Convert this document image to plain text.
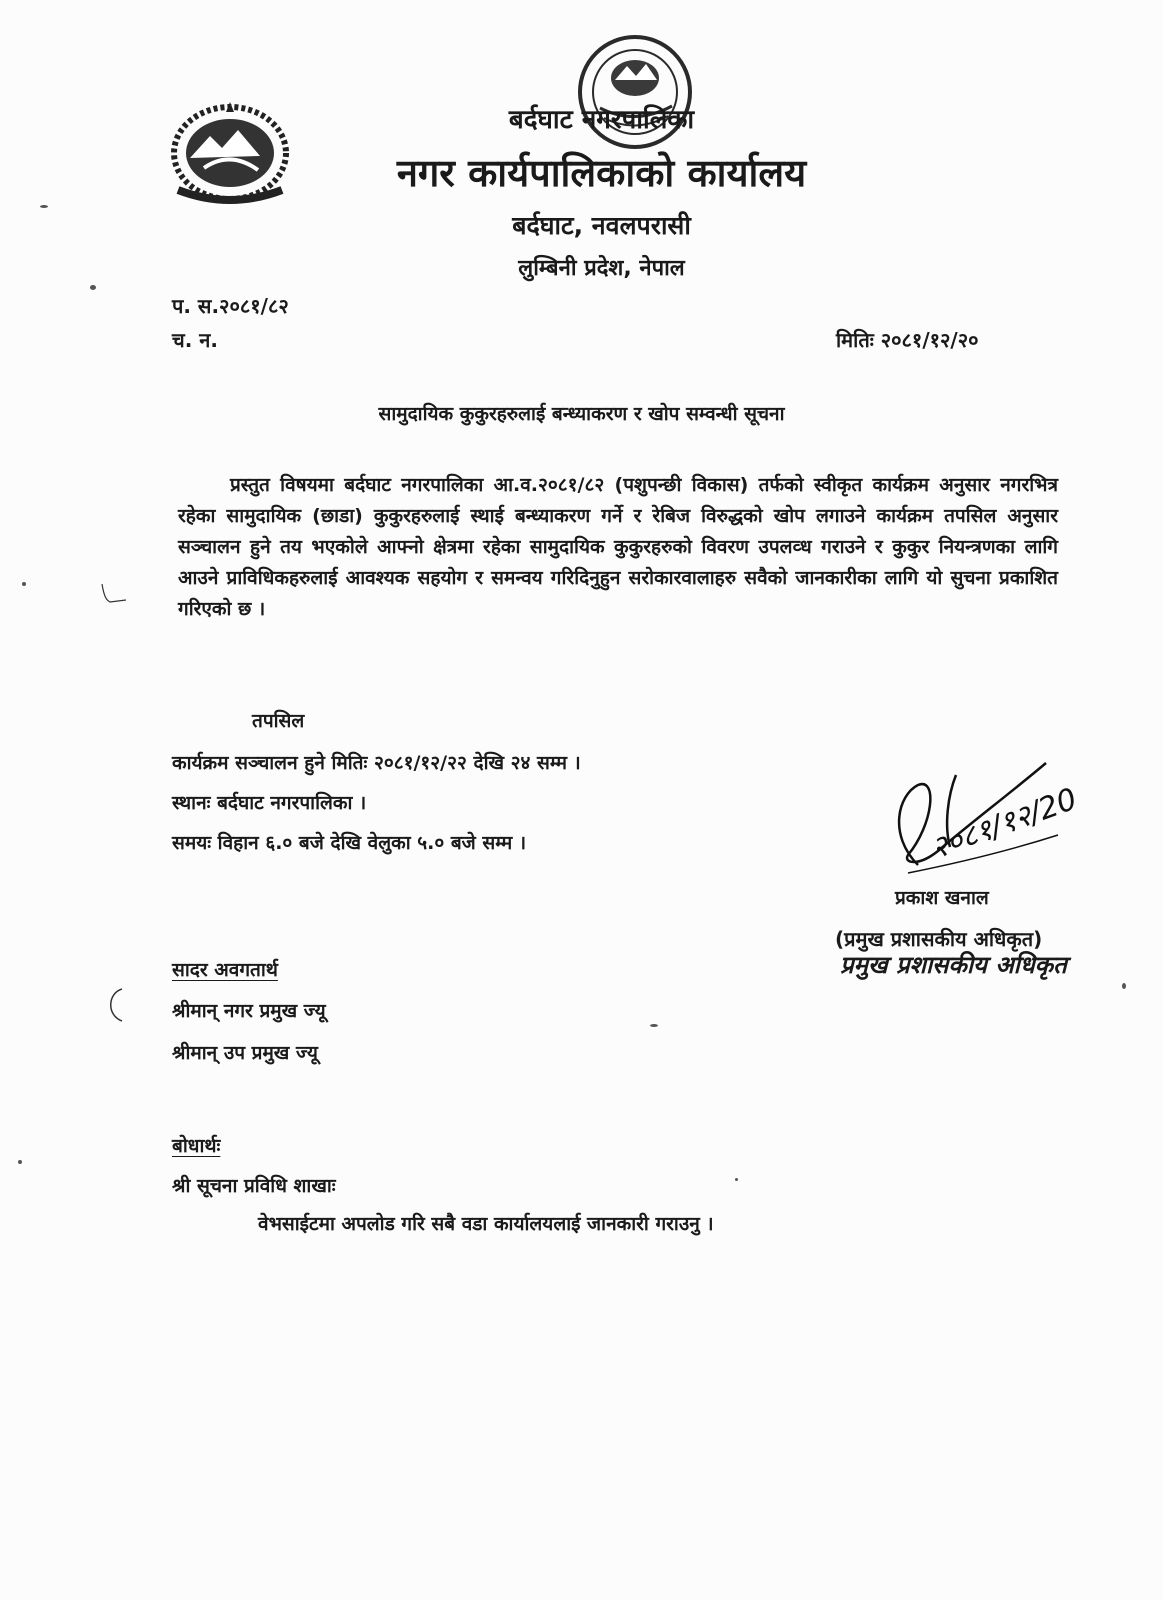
बर्दघाट नगरपालिका
नगर कार्यपालिकाको कार्यालय
बर्दघाट, नवलपरासी
लुम्बिनी प्रदेश, नेपाल
प. स.२०८१/८२
च. न.	मितिः २०८१/१२/२०
सामुदायिक कुकुरहरुलाई बन्ध्याकरण र खोप सम्वन्धी सूचना
प्रस्तुत विषयमा बर्दघाट नगरपालिका आ.व.२०८१/८२ (पशुपन्छी विकास) तर्फको स्वीकृत कार्यक्रम अनुसार नगरभित्र रहेका सामुदायिक (छाडा) कुकुरहरुलाई स्थाई बन्ध्याकरण गर्ने र रेबिज विरुद्धको खोप लगाउने कार्यक्रम तपसिल अनुसार सञ्चालन हुने तय भएकोले आफ्नो क्षेत्रमा रहेका सामुदायिक कुकुरहरुको विवरण उपलव्ध गराउने र कुकुर नियन्त्रणका लागि आउने प्राविधिकहरुलाई आवश्यक सहयोग र समन्वय गरिदिनुहुन सरोकारवालाहरु सवैको जानकारीका लागि यो सुचना प्रकाशित गरिएको छ ।
तपसिल
कार्यक्रम सञ्चालन हुने मितिः २०८१/१२/२२ देखि २४ सम्म ।
स्थानः बर्दघाट नगरपालिका ।
समयः विहान ६.० बजे देखि वेलुका ५.० बजे सम्म ।	२०८१/१२/20
प्रकाश खनाल
(प्रमुख प्रशासकीय अधिकृत)
प्रमुख प्रशासकीय अधिकृत
सादर अवगतार्थ
श्रीमान् नगर प्रमुख ज्यू
श्रीमान् उप प्रमुख ज्यू
बोधार्थः
श्री सूचना प्रविधि शाखाः
वेभसाईटमा अपलोड गरि सबै वडा कार्यालयलाई जानकारी गराउनु ।
